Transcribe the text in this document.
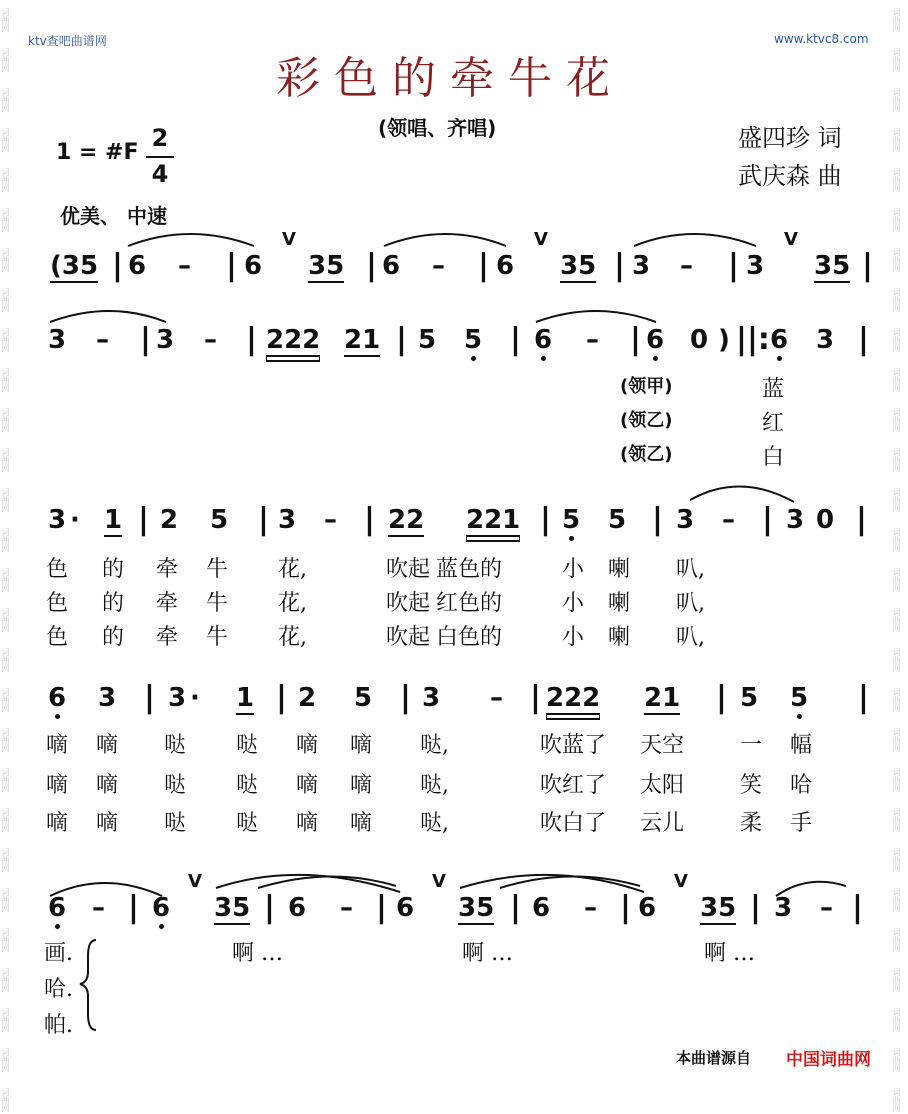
词曲网
词曲网
词曲网
词曲网
词曲网
词曲网
词曲网
词曲网
词曲网
词曲网
词曲网
词曲网
词曲网
词曲网
词曲网
词曲网
词曲网
词曲网
词曲网
词曲网
词曲网
词曲网
词曲网
词曲网
词曲网
词曲网
词曲网
词曲网
词曲网
词曲网
词曲网
词曲网
词曲网
词曲网
词曲网
词曲网
词曲网
词曲网
词曲网
词曲网
词曲网
词曲网
词曲网
词曲网
词曲网
词曲网
词曲网
词曲网
词曲网
词曲网
词曲网
词曲网
词曲网
词曲网
词曲网
词曲网
ktv查吧曲谱网	www.ktvc8.com
彩色的牵牛花
(领唱、齐唱)	盛四珍 词
武庆森 曲
1 = #F
2
4
优美、 中速
(领甲)	蓝
(领乙)	红
(领乙)	白
(35 | 6 – | 6
V
35 | 6 – | 6
V
35 | 3 – | 3
V
35 |
3 – | 3 – | 222 21 | 5 5 | 6 – | 6 0 ) ||: 6 3 |
3 · 1 | 2 5 | 3 – | 22 221 | 5 5 | 3 – | 3 0 |
色 的 牵 牛 花,	吹起 蓝色的	小 喇 叭,
色 的 牵 牛 花,	吹起 红色的	小 喇 叭,
色 的 牵 牛 花,	吹起 白色的	小 喇 叭,
6 3 | 3 · 1 | 2 5 | 3 – | 222 21 | 5 5 |
嘀 嘀 哒 哒 嘀 嘀 哒,	吹蓝了 天空	一 幅
嘀 嘀 哒 哒 嘀 嘀 哒,	吹红了 太阳	笑 哈
嘀 嘀 哒 哒 嘀 嘀 哒,	吹白了 云儿	柔 手
6 – | 6
V
35 | 6 – | 6
V
35 | 6 – | 6
V
35 | 3 – |
画.	啊 …	啊 …	啊 …
哈.
帕.
本曲谱源自 中国词曲网
